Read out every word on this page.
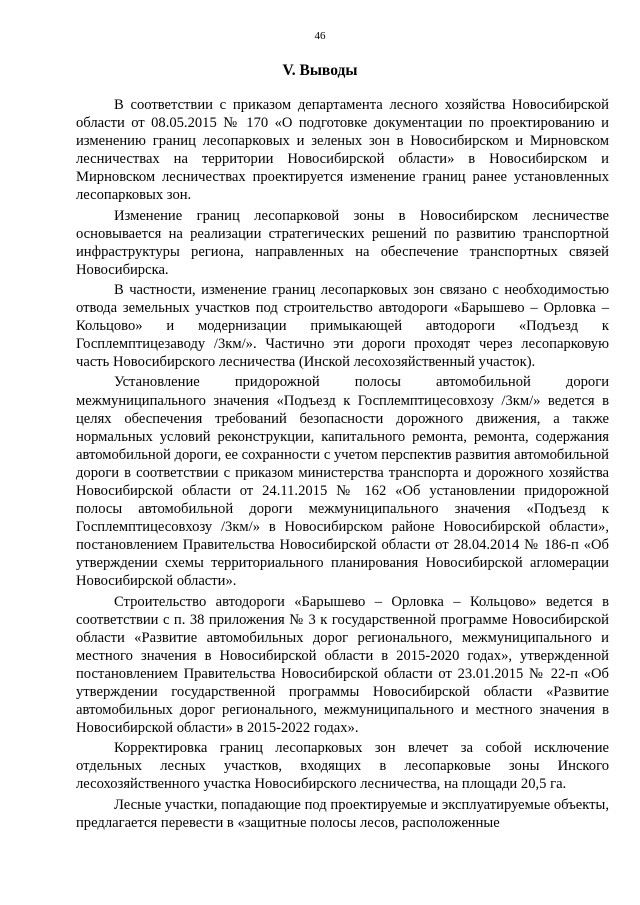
46
V. Выводы

В соответствии с приказом департамента лесного хозяйства Новосибирской области от 08.05.2015 № 170 «О подготовке документации по проектированию и изменению границ лесопарковых и зеленых зон в Новосибирском и Мирновском лесничествах на территории Новосибирской области» в Новосибирском и Мирновском лесничествах проектируется изменение границ ранее установленных лесопарковых зон.

Изменение границ лесопарковой зоны в Новосибирском лесничестве основывается на реализации стратегических решений по развитию транспортной инфраструктуры региона, направленных на обеспечение транспортных связей Новосибирска.

В частности, изменение границ лесопарковых зон связано с необходимостью отвода земельных участков под строительство автодороги «Барышево – Орловка – Кольцово» и модернизации примыкающей автодороги «Подъезд к Госплемптицезаводу /3км/». Частично эти дороги проходят через лесопарковую часть Новосибирского лесничества (Инской лесохозяйственный участок).

Установление придорожной полосы автомобильной дороги межмуниципального значения «Подъезд к Госплемптицесовхозу /3км/» ведется в целях обеспечения требований безопасности дорожного движения, а также нормальных условий реконструкции, капитального ремонта, ремонта, содержания автомобильной дороги, ее сохранности с учетом перспектив развития автомобильной дороги в соответствии с приказом министерства транспорта и дорожного хозяйства Новосибирской области от 24.11.2015 № 162 «Об установлении придорожной полосы автомобильной дороги межмуниципального значения «Подъезд к Госплемптицесовхозу /3км/» в Новосибирском районе Новосибирской области», постановлением Правительства Новосибирской области от 28.04.2014 № 186-п «Об утверждении схемы территориального планирования Новосибирской агломерации Новосибирской области».

Строительство автодороги «Барышево – Орловка – Кольцово» ведется в соответствии с п. 38 приложения № 3 к государственной программе Новосибирской области «Развитие автомобильных дорог регионального, межмуниципального и местного значения в Новосибирской области в 2015-2020 годах», утвержденной постановлением Правительства Новосибирской области от 23.01.2015 № 22-п «Об утверждении государственной программы Новосибирской области «Развитие автомобильных дорог регионального, межмуниципального и местного значения в Новосибирской области» в 2015-2022 годах».

Корректировка границ лесопарковых зон влечет за собой исключение отдельных лесных участков, входящих в лесопарковые зоны Инского лесохозяйственного участка Новосибирского лесничества, на площади 20,5 га.

Лесные участки, попадающие под проектируемые и эксплуатируемые объекты, предлагается перевести в «защитные полосы лесов, расположенные
